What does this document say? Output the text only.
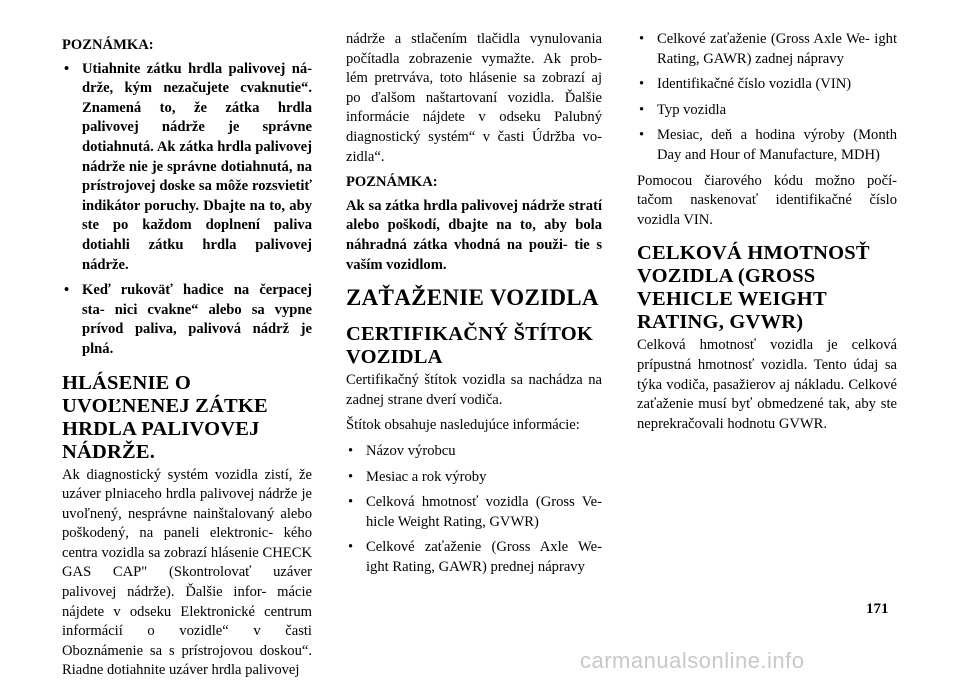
POZNÁMKA:
• Utiahnite zátku hrdla palivovej ná- drže, kým nezačujete cvaknutie“. Znamená to, že zátka hrdla palivovej nádrže je správne dotiahnutá. Ak zátka hrdla palivovej nádrže nie je správne dotiahnutá, na prístrojovej doske sa môže rozsvietiť indikátor poruchy. Dbajte na to, aby ste po každom doplnení paliva dotiahli zátku hrdla palivovej nádrže.
• Keď rukoväť hadice na čerpacej sta- nici cvakne“ alebo sa vypne prívod paliva, palivová nádrž je plná.
HLÁSENIE O UVOĽNENEJ ZÁTKE HRDLA PALIVOVEJ NÁDRŽE.

Ak diagnostický systém vozidla zistí, že uzáver plniaceho hrdla palivovej nádrže je uvoľnený, nesprávne nainštalovaný alebo poškodený, na paneli elektronic- kého centra vozidla sa zobrazí hlásenie CHECK GAS CAP" (Skontrolovať uzáver palivovej nádrže). Ďalšie infor- mácie nájdete v odseku Elektronické centrum informácií o vozidle“ v časti Oboznámenie sa s prístrojovou doskou“. Riadne dotiahnite uzáver hrdla palivovej

nádrže a stlačením tlačidla vynulovania počítadla zobrazenie vymažte. Ak prob- lém pretrváva, toto hlásenie sa zobrazí aj po ďalšom naštartovaní vozidla. Ďalšie informácie nájdete v odseku Palubný diagnostický systém“ v časti Údržba vo- zidla“.

POZNÁMKA:

Ak sa zátka hrdla palivovej nádrže stratí alebo poškodí, dbajte na to, aby bola náhradná zátka vhodná na použi- tie s vaším vozidlom.

ZAŤAŽENIE VOZIDLA
CERTIFIKAČNÝ ŠTÍTOK VOZIDLA

Certifikačný štítok vozidla sa nachádza na zadnej strane dverí vodiča.

Štítok obsahuje nasledujúce informácie:

• Názov výrobcu
• Mesiac a rok výroby
• Celková hmotnosť vozidla (Gross Ve- hicle Weight Rating, GVWR)
• Celkové zaťaženie (Gross Axle We- ight Rating, GAWR) prednej nápravy
• Celkové zaťaženie (Gross Axle We- ight Rating, GAWR) zadnej nápravy
• Identifikačné číslo vozidla (VIN)
• Typ vozidla
• Mesiac, deň a hodina výroby (Month Day and Hour of Manufacture, MDH)

Pomocou čiarového kódu možno počí- tačom naskenovať identifikačné číslo vozidla VIN.

CELKOVÁ HMOTNOSŤ VOZIDLA (GROSS VEHICLE WEIGHT RATING, GVWR)

Celková hmotnosť vozidla je celková prípustná hmotnosť vozidla. Tento údaj sa týka vodiča, pasažierov aj nákladu. Celkové zaťaženie musí byť obmedzené tak, aby ste neprekračovali hodnotu GVWR.

171
carmanualsonline.info
